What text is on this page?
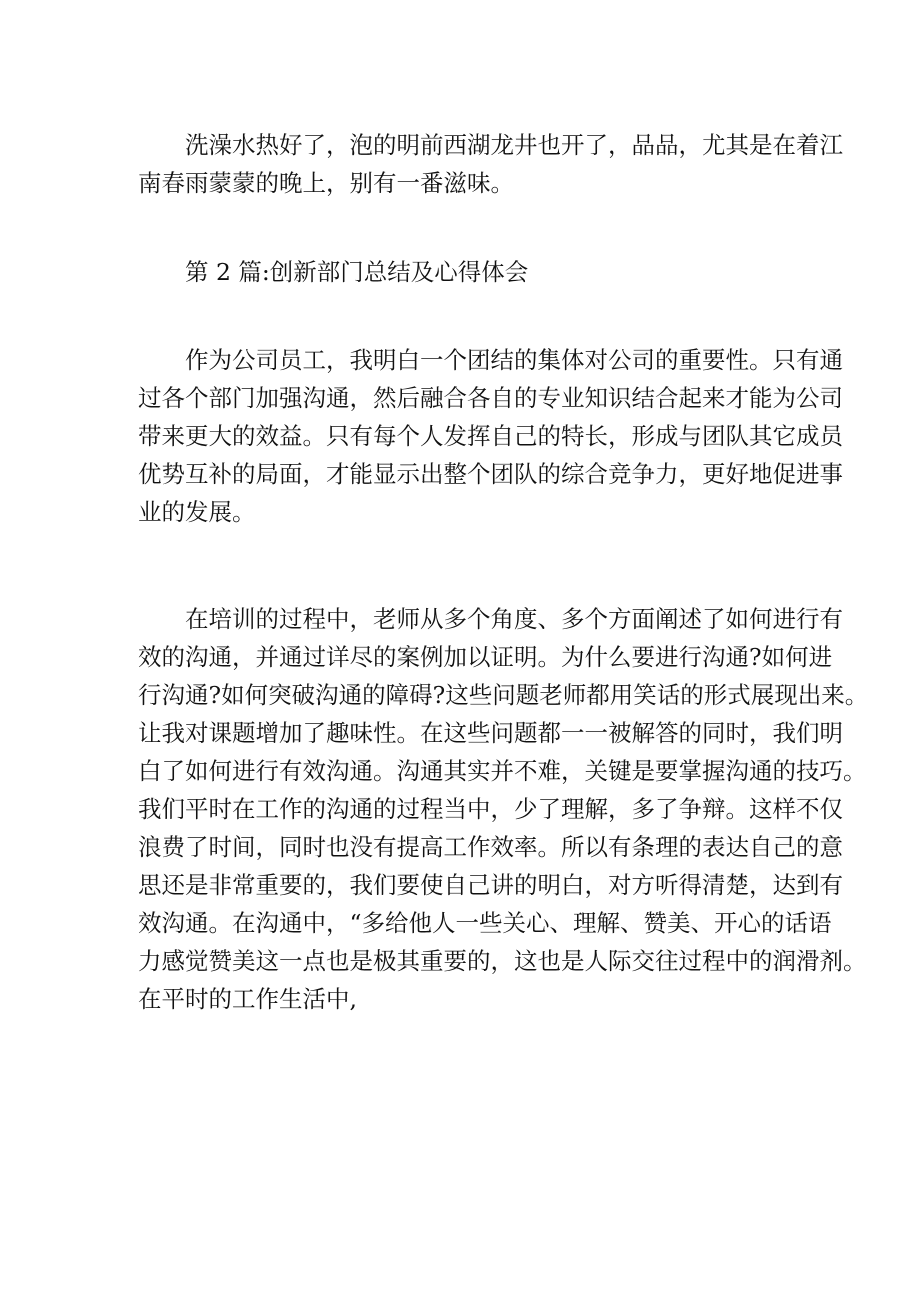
洗澡水热好了，泡的明前西湖龙井也开了，品品，尤其是在着江
南春雨蒙蒙的晚上，别有一番滋味。
第 2 篇:创新部门总结及心得体会
作为公司员工，我明白一个团结的集体对公司的重要性。只有通
过各个部门加强沟通，然后融合各自的专业知识结合起来才能为公司
带来更大的效益。只有每个人发挥自己的特长，形成与团队其它成员
优势互补的局面，才能显示出整个团队的综合竞争力，更好地促进事
业的发展。
在培训的过程中，老师从多个角度、多个方面阐述了如何进行有
效的沟通，并通过详尽的案例加以证明。为什么要进行沟通?如何进
行沟通?如何突破沟通的障碍?这些问题老师都用笑话的形式展现出来。
让我对课题增加了趣味性。在这些问题都一一被解答的同时，我们明
白了如何进行有效沟通。沟通其实并不难，关键是要掌握沟通的技巧。
我们平时在工作的沟通的过程当中，少了理解，多了争辩。这样不仅
浪费了时间，同时也没有提高工作效率。所以有条理的表达自己的意
思还是非常重要的，我们要使自己讲的明白，对方听得清楚，达到有
效沟通。在沟通中，“多给他人一些关心、理解、赞美、开心的话语
力感觉赞美这一点也是极其重要的，这也是人际交往过程中的润滑剂。
在平时的工作生活中,
